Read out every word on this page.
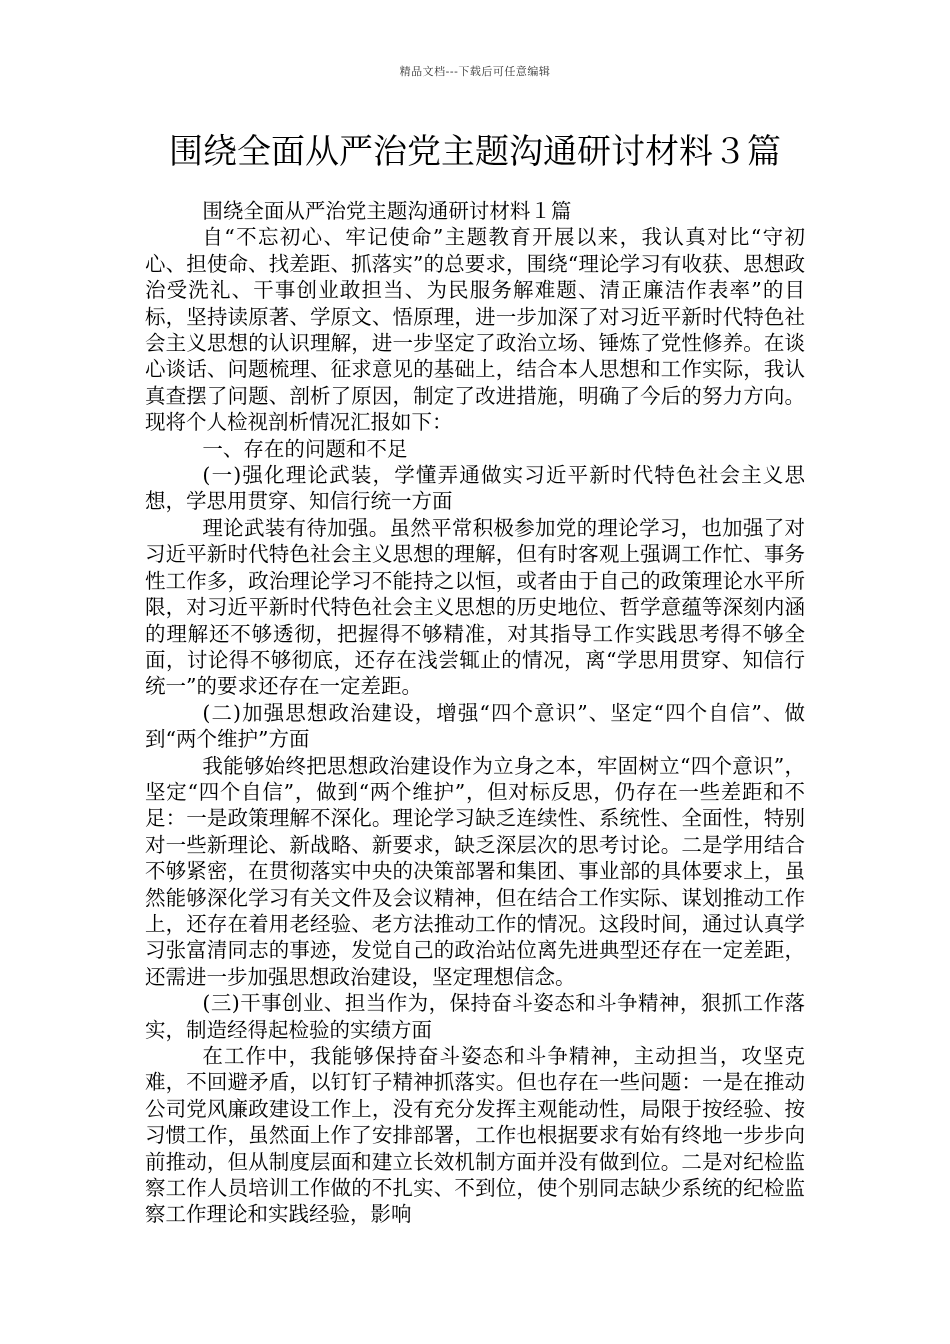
精品文档---下载后可任意编辑
围绕全面从严治党主题沟通研讨材料３篇

围绕全面从严治党主题沟通研讨材料１篇

自“不忘初心、牢记使命”主题教育开展以来，我认真对比“守初心、担使命、找差距、抓落实”的总要求，围绕“理论学习有收获、思想政治受洗礼、干事创业敢担当、为民服务解难题、清正廉洁作表率”的目标，坚持读原著、学原文、悟原理，进一步加深了对习近平新时代特色社会主义思想的认识理解，进一步坚定了政治立场、锤炼了党性修养。在谈心谈话、问题梳理、征求意见的基础上，结合本人思想和工作实际，我认真查摆了问题、剖析了原因，制定了改进措施，明确了今后的努力方向。现将个人检视剖析情况汇报如下：

一、存在的问题和不足

(一)强化理论武装，学懂弄通做实习近平新时代特色社会主义思想，学思用贯穿、知信行统一方面

理论武装有待加强。虽然平常积极参加党的理论学习，也加强了对习近平新时代特色社会主义思想的理解，但有时客观上强调工作忙、事务性工作多，政治理论学习不能持之以恒，或者由于自己的政策理论水平所限，对习近平新时代特色社会主义思想的历史地位、哲学意蕴等深刻内涵的理解还不够透彻，把握得不够精准，对其指导工作实践思考得不够全面，讨论得不够彻底，还存在浅尝辄止的情况，离“学思用贯穿、知信行统一”的要求还存在一定差距。

(二)加强思想政治建设，增强“四个意识”、坚定“四个自信”、做到“两个维护”方面

我能够始终把思想政治建设作为立身之本，牢固树立“四个意识”，坚定“四个自信”，做到“两个维护”，但对标反思，仍存在一些差距和不足：一是政策理解不深化。理论学习缺乏连续性、系统性、全面性，特别对一些新理论、新战略、新要求，缺乏深层次的思考讨论。二是学用结合不够紧密，在贯彻落实中央的决策部署和集团、事业部的具体要求上，虽然能够深化学习有关文件及会议精神，但在结合工作实际、谋划推动工作上，还存在着用老经验、老方法推动工作的情况。这段时间，通过认真学习张富清同志的事迹，发觉自己的政治站位离先进典型还存在一定差距，还需进一步加强思想政治建设，坚定理想信念。

(三)干事创业、担当作为，保持奋斗姿态和斗争精神，狠抓工作落实，制造经得起检验的实绩方面

在工作中，我能够保持奋斗姿态和斗争精神，主动担当，攻坚克难，不回避矛盾，以钉钉子精神抓落实。但也存在一些问题：一是在推动公司党风廉政建设工作上，没有充分发挥主观能动性，局限于按经验、按习惯工作，虽然面上作了安排部署，工作也根据要求有始有终地一步步向前推动，但从制度层面和建立长效机制方面并没有做到位。二是对纪检监察工作人员培训工作做的不扎实、不到位，使个别同志缺少系统的纪检监察工作理论和实践经验，影响
